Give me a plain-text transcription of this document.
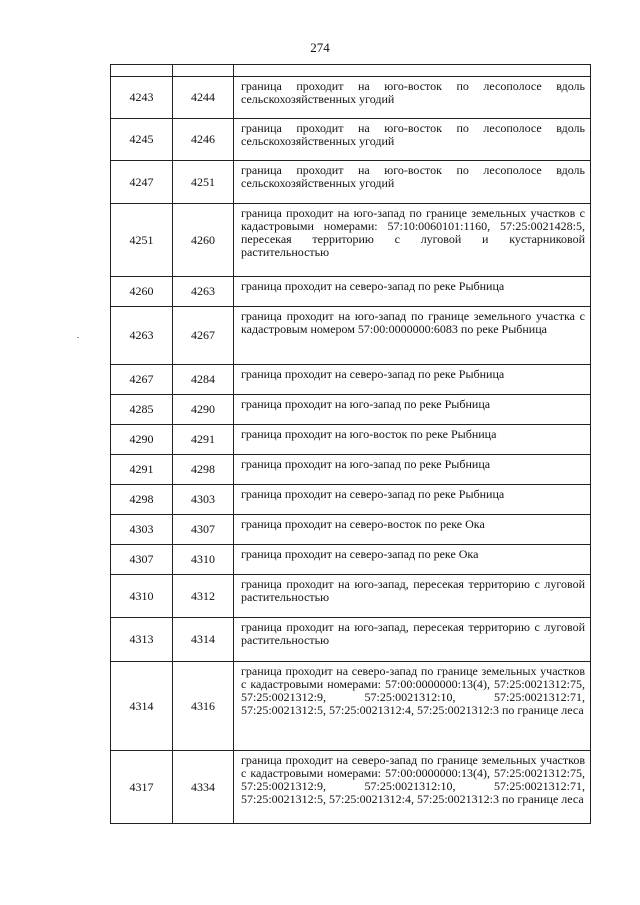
274

4243	4244	граница проходит на юго-восток по лесополосе вдоль сельскохозяйственных угодий
4245	4246	граница проходит на юго-восток по лесополосе вдоль сельскохозяйственных угодий
4247	4251	граница проходит на юго-восток по лесополосе вдоль сельскохозяйственных угодий
4251	4260	граница проходит на юго-запад по границе земельных участков с кадастровыми номерами: 57:10:0060101:1160, 57:25:0021428:5, пересекая территорию с луговой и кустарниковой растительностью
4260	4263	граница проходит на северо-запад по реке Рыбница
4263	4267	граница проходит на юго-запад по границе земельного участка с кадастровым номером 57:00:0000000:6083 по реке Рыбница
4267	4284	граница проходит на северо-запад по реке Рыбница
4285	4290	граница проходит на юго-запад по реке Рыбница
4290	4291	граница проходит на юго-восток по реке Рыбница
4291	4298	граница проходит на юго-запад по реке Рыбница
4298	4303	граница проходит на северо-запад по реке Рыбница
4303	4307	граница проходит на северо-восток по реке Ока
4307	4310	граница проходит на северо-запад по реке Ока
4310	4312	граница проходит на юго-запад, пересекая территорию с луговой растительностью
4313	4314	граница проходит на юго-запад, пересекая территорию с луговой растительностью
4314	4316	граница проходит на северо-запад по границе земельных участков с кадастровыми номерами: 57:00:0000000:13(4), 57:25:0021312:75, 57:25:0021312:9, 57:25:0021312:10, 57:25:0021312:71, 57:25:0021312:5, 57:25:0021312:4, 57:25:0021312:3 по границе леса
4317	4334	граница проходит на северо-запад по границе земельных участков с кадастровыми номерами: 57:00:0000000:13(4), 57:25:0021312:75, 57:25:0021312:9, 57:25:0021312:10, 57:25:0021312:71, 57:25:0021312:5, 57:25:0021312:4, 57:25:0021312:3 по границе леса
